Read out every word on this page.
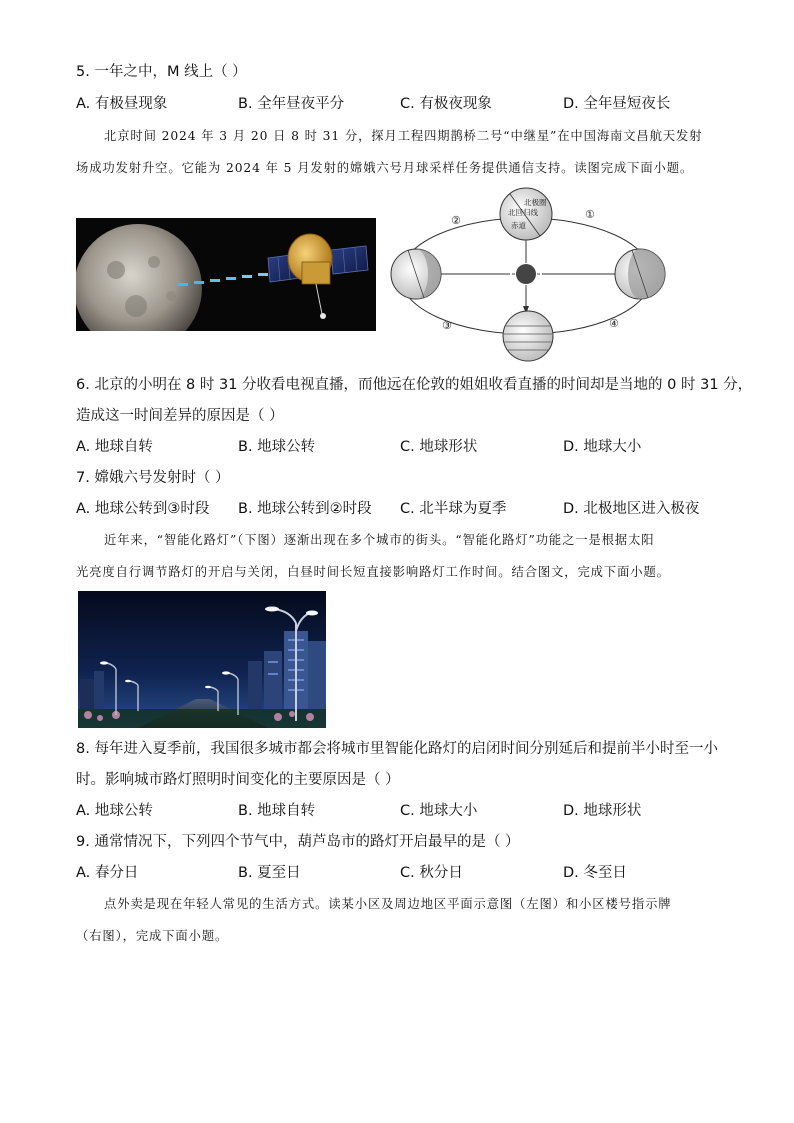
5. 一年之中，M 线上（ ）
A. 有极昼现象	B. 全年昼夜平分	C. 有极夜现象	D. 全年昼短夜长
北京时间 2024 年 3 月 20 日 8 时 31 分，探月工程四期鹊桥二号“中继星”在中国海南文昌航天发射
场成功发射升空。它能为 2024 年 5 月发射的嫦娥六号月球采样任务提供通信支持。读图完成下面小题。
北极圈
北回归线
赤道
①
②
③	④
6. 北京的小明在 8 时 31 分收看电视直播，而他远在伦敦的姐姐收看直播的时间却是当地的 0 时 31 分，
造成这一时间差异的原因是（ ）
A. 地球自转	B. 地球公转	C. 地球形状	D. 地球大小
7. 嫦娥六号发射时（ ）
A. 地球公转到③时段 B. 地球公转到②时段 C. 北半球为夏季	D. 北极地区进入极夜
近年来，“智能化路灯”（下图）逐渐出现在多个城市的街头。“智能化路灯”功能之一是根据太阳
光亮度自行调节路灯的开启与关闭，白昼时间长短直接影响路灯工作时间。结合图文，完成下面小题。
8. 每年进入夏季前，我国很多城市都会将城市里智能化路灯的启闭时间分别延后和提前半小时至一小
时。影响城市路灯照明时间变化的主要原因是（ ）
A. 地球公转	B. 地球自转	C. 地球大小	D. 地球形状
9. 通常情况下，下列四个节气中，葫芦岛市的路灯开启最早的是（ ）
A. 春分日	B. 夏至日	C. 秋分日	D. 冬至日
点外卖是现在年轻人常见的生活方式。读某小区及周边地区平面示意图（左图）和小区楼号指示牌
（右图），完成下面小题。
